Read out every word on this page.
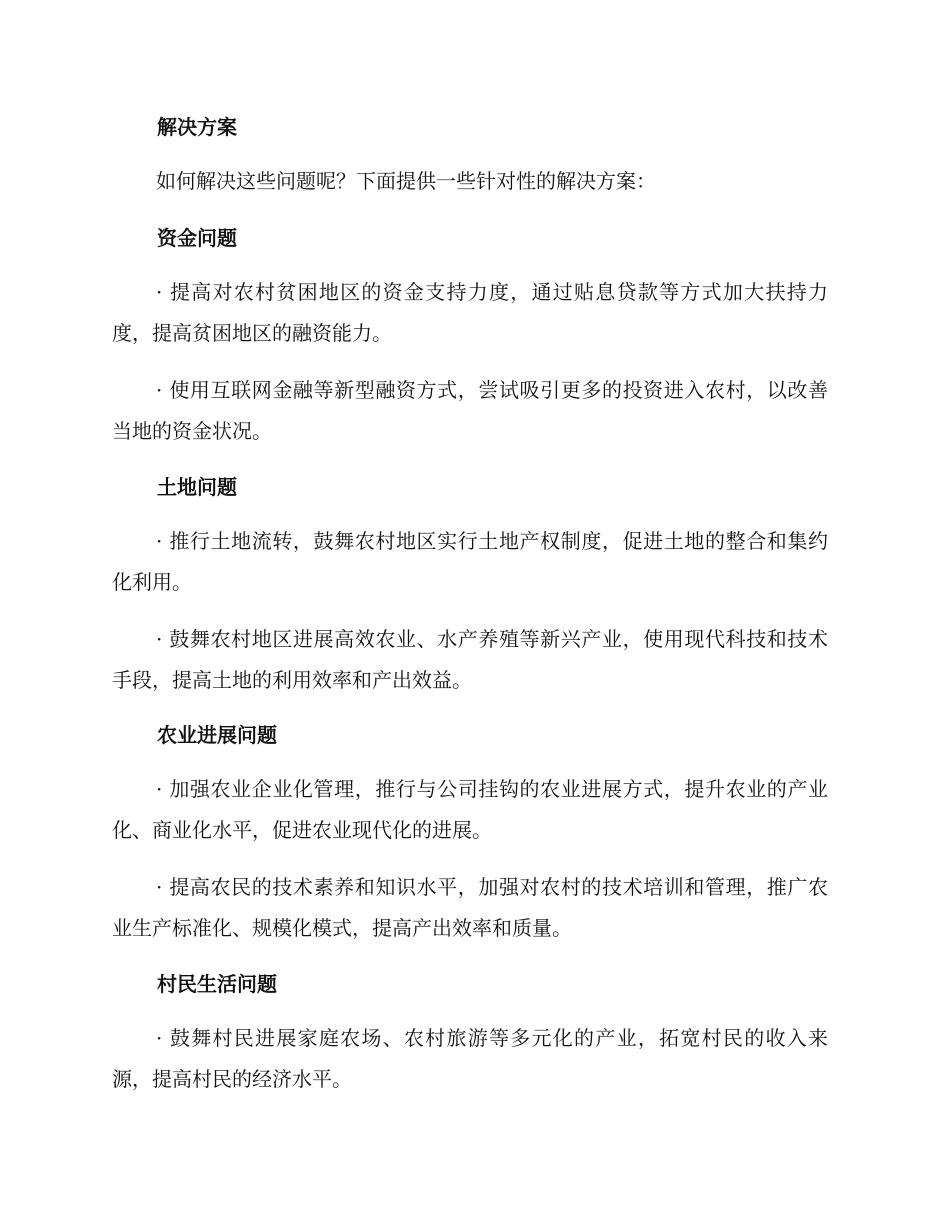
解决方案

如何解决这些问题呢？下面提供一些针对性的解决方案：

资金问题

· 提高对农村贫困地区的资金支持力度，通过贴息贷款等方式加大扶持力度，提高贫困地区的融资能力。

· 使用互联网金融等新型融资方式，尝试吸引更多的投资进入农村，以改善当地的资金状况。

土地问题

· 推行土地流转，鼓舞农村地区实行土地产权制度，促进土地的整合和集约化利用。

· 鼓舞农村地区进展高效农业、水产养殖等新兴产业，使用现代科技和技术手段，提高土地的利用效率和产出效益。

农业进展问题

· 加强农业企业化管理，推行与公司挂钩的农业进展方式，提升农业的产业化、商业化水平，促进农业现代化的进展。

· 提高农民的技术素养和知识水平，加强对农村的技术培训和管理，推广农业生产标准化、规模化模式，提高产出效率和质量。

村民生活问题

· 鼓舞村民进展家庭农场、农村旅游等多元化的产业，拓宽村民的收入来源，提高村民的经济水平。
